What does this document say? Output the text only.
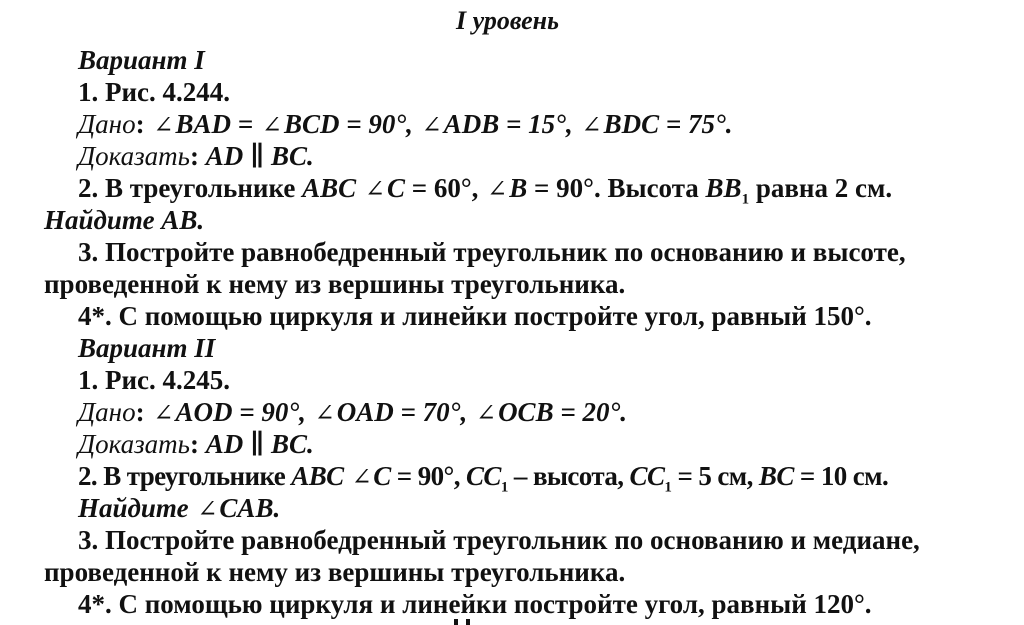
I уровень
Вариант I
1. Рис. 4.244.
Дано: ∠BAD = ∠BCD = 90°, ∠ADB = 15°, ∠BDC = 75°.
Доказать: AD ∥ BC.
2. В треугольнике ABC ∠C = 60°, ∠B = 90°. Высота $BB_1$ равна 2 см.
Найдите AB.
3. Постройте равнобедренный треугольник по основанию и высоте,
проведенной к нему из вершины треугольника.
4*. С помощью циркуля и линейки постройте угол, равный 150°.
Вариант II
1. Рис. 4.245.
Дано: ∠AOD = 90°, ∠OAD = 70°, ∠OCB = 20°.
Доказать: AD ∥ BC.
2. В треугольнике ABC ∠C = 90°, $CC_1$ – высота, $CC_1 = 5$ см, BC = 10 см.
Найдите ∠CAB.
3. Постройте равнобедренный треугольник по основанию и медиане,
проведенной к нему из вершины треугольника.
4*. С помощью циркуля и линейки постройте угол, равный 120°.
